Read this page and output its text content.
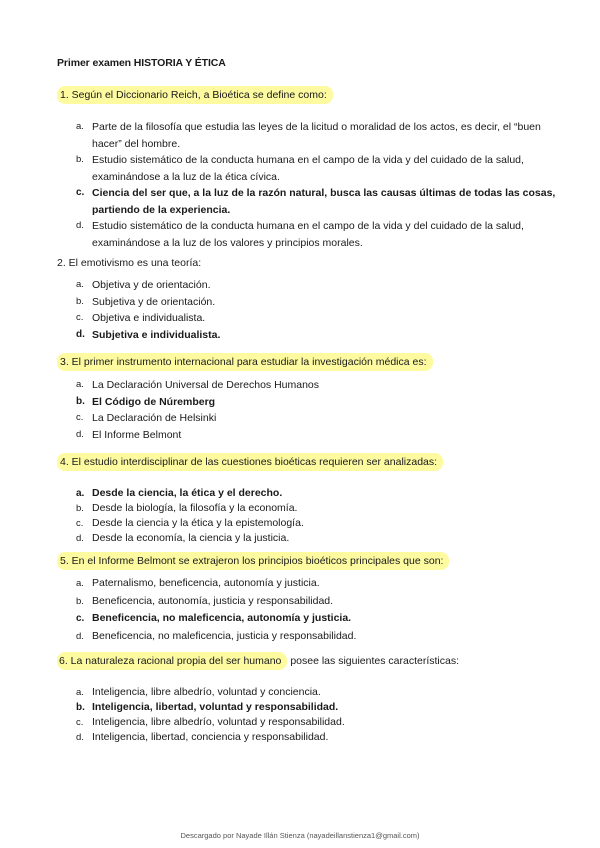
Primer examen HISTORIA Y ÉTICA
1. Según el Diccionario Reich, a Bioética se define como:
a. Parte de la filosofía que estudia las leyes de la licitud o moralidad de los actos, es decir, el “buen hacer” del hombre.
b. Estudio sistemático de la conducta humana en el campo de la vida y del cuidado de la salud, examinándose a la luz de la ética cívica.
c. Ciencia del ser que, a la luz de la razón natural, busca las causas últimas de todas las cosas, partiendo de la experiencia.
d. Estudio sistemático de la conducta humana en el campo de la vida y del cuidado de la salud, examinándose a la luz de los valores y principios morales.
2. El emotivismo es una teoría:
a. Objetiva y de orientación.
b. Subjetiva y de orientación.
c. Objetiva e individualista.
d. Subjetiva e individualista.
3. El primer instrumento internacional para estudiar la investigación médica es:
a. La Declaración Universal de Derechos Humanos
b. El Código de Núremberg
c. La Declaración de Helsinki
d. El Informe Belmont
4. El estudio interdisciplinar de las cuestiones bioéticas requieren ser analizadas:
a. Desde la ciencia, la ética y el derecho.
b. Desde la biología, la filosofía y la economía.
c. Desde la ciencia y la ética y la epistemología.
d. Desde la economía, la ciencia y la justicia.
5. En el Informe Belmont se extrajeron los principios bioéticos principales que son:
a. Paternalismo, beneficencia, autonomía y justicia.
b. Beneficencia, autonomía, justicia y responsabilidad.
c. Beneficencia, no maleficencia, autonomía y justicia.
d. Beneficencia, no maleficencia, justicia y responsabilidad.
6. La naturaleza racional propia del ser humano posee las siguientes características:
a. Inteligencia, libre albedrío, voluntad y conciencia.
b. Inteligencia, libertad, voluntad y responsabilidad.
c. Inteligencia, libre albedrío, voluntad y responsabilidad.
d. Inteligencia, libertad, conciencia y responsabilidad.
Descargado por Nayade Illán Stienza (nayadeillanstienza1@gmail.com)
